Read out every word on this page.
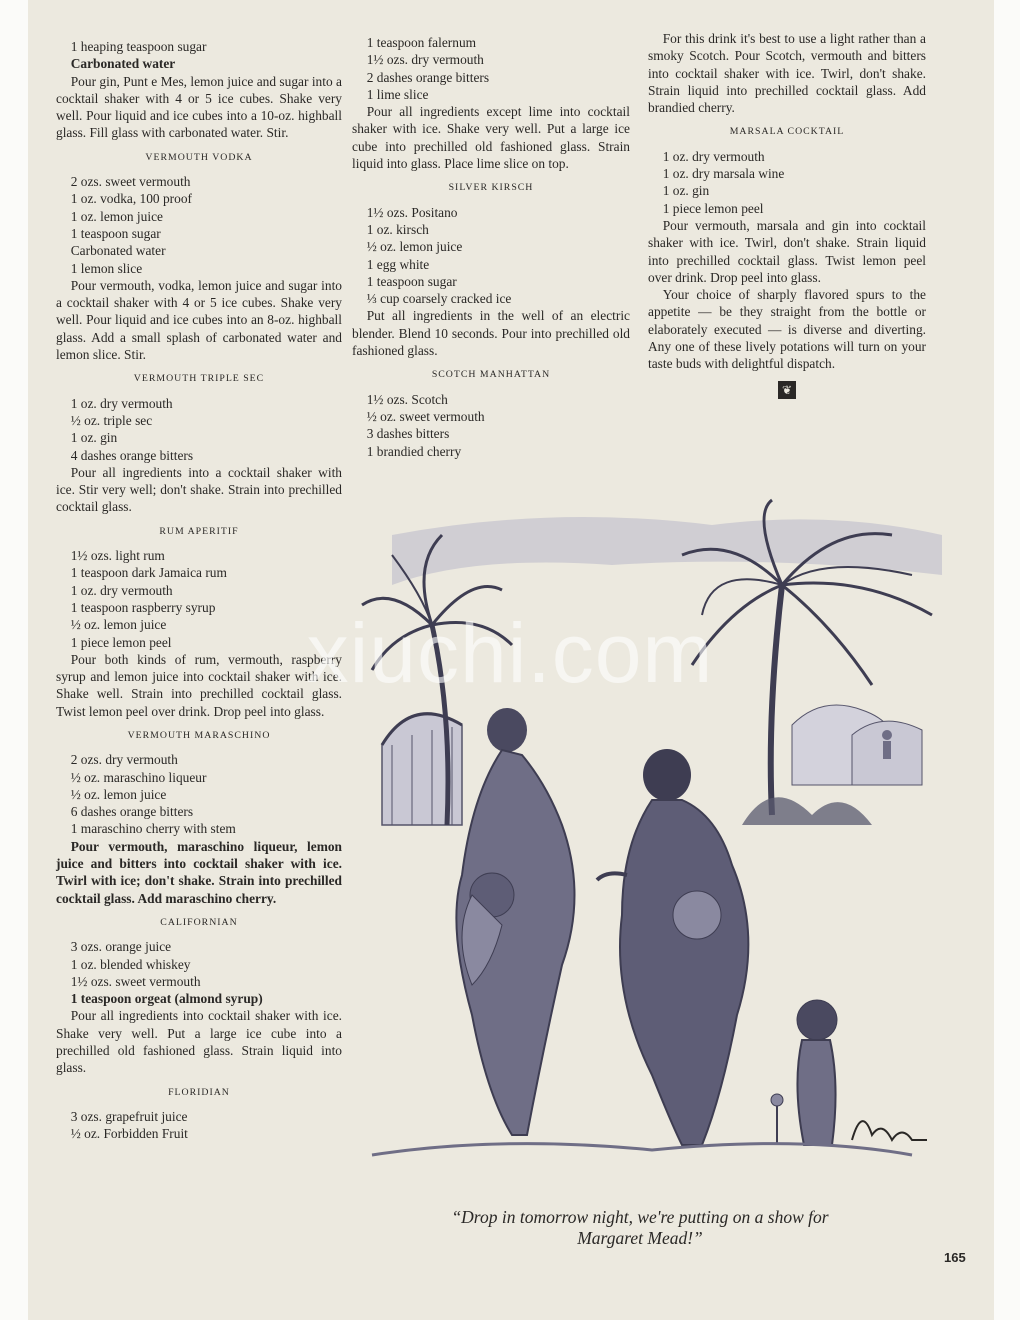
1 heaping teaspoon sugar
Carbonated water

Pour gin, Punt e Mes, lemon juice and sugar into a cocktail shaker with 4 or 5 ice cubes. Shake very well. Pour liquid and ice cubes into a 10-oz. highball glass. Fill glass with carbonated water. Stir.

VERMOUTH VODKA
2 ozs. sweet vermouth
1 oz. vodka, 100 proof
1 oz. lemon juice
1 teaspoon sugar
Carbonated water
1 lemon slice

Pour vermouth, vodka, lemon juice and sugar into a cocktail shaker with 4 or 5 ice cubes. Shake very well. Pour liquid and ice cubes into an 8-oz. highball glass. Add a small splash of carbonated water and lemon slice. Stir.

VERMOUTH TRIPLE SEC
1 oz. dry vermouth
½ oz. triple sec
1 oz. gin
4 dashes orange bitters

Pour all ingredients into a cocktail shaker with ice. Stir very well; don't shake. Strain into prechilled cocktail glass.

RUM APERITIF
1½ ozs. light rum
1 teaspoon dark Jamaica rum
1 oz. dry vermouth
1 teaspoon raspberry syrup
½ oz. lemon juice
1 piece lemon peel

Pour both kinds of rum, vermouth, raspberry syrup and lemon juice into cocktail shaker with ice. Shake well. Strain into prechilled cocktail glass. Twist lemon peel over drink. Drop peel into glass.

VERMOUTH MARASCHINO
2 ozs. dry vermouth
½ oz. maraschino liqueur
½ oz. lemon juice
6 dashes orange bitters
1 maraschino cherry with stem

Pour vermouth, maraschino liqueur, lemon juice and bitters into cocktail shaker with ice. Twirl with ice; don't shake. Strain into prechilled cocktail glass. Add maraschino cherry.

CALIFORNIAN
3 ozs. orange juice
1 oz. blended whiskey
1½ ozs. sweet vermouth
1 teaspoon orgeat (almond syrup)

Pour all ingredients into cocktail shaker with ice. Shake very well. Put a large ice cube into a prechilled old fashioned glass. Strain liquid into glass.

FLORIDIAN
3 ozs. grapefruit juice
½ oz. Forbidden Fruit
1 teaspoon falernum
1½ ozs. dry vermouth
2 dashes orange bitters
1 lime slice

Pour all ingredients except lime into cocktail shaker with ice. Shake very well. Put a large ice cube into prechilled old fashioned glass. Strain liquid into glass. Place lime slice on top.

SILVER KIRSCH
1½ ozs. Positano
1 oz. kirsch
½ oz. lemon juice
1 egg white
1 teaspoon sugar
⅓ cup coarsely cracked ice

Put all ingredients in the well of an electric blender. Blend 10 seconds. Pour into prechilled old fashioned glass.

SCOTCH MANHATTAN
1½ ozs. Scotch
½ oz. sweet vermouth
3 dashes bitters
1 brandied cherry

For this drink it's best to use a light rather than a smoky Scotch. Pour Scotch, vermouth and bitters into cocktail shaker with ice. Twirl, don't shake. Strain liquid into prechilled cocktail glass. Add brandied cherry.

MARSALA COCKTAIL
1 oz. dry vermouth
1 oz. dry marsala wine
1 oz. gin
1 piece lemon peel

Pour vermouth, marsala and gin into cocktail shaker with ice. Twirl, don't shake. Strain liquid into prechilled cocktail glass. Twist lemon peel over drink. Drop peel into glass.

Your choice of sharply flavored spurs to the appetite — be they straight from the bottle or elaborately executed — is diverse and diverting. Any one of these lively potations will turn on your taste buds with delightful dispatch.

❦
xiuchi.com
“Drop in tomorrow night, we're putting on a show for Margaret Mead!”
165
